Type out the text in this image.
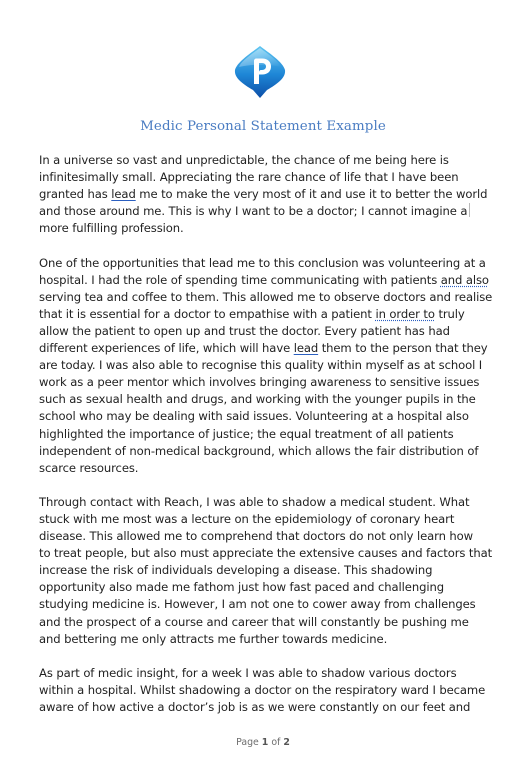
Medic Personal Statement Example
In a universe so vast and unpredictable, the chance of me being here is
infinitesimally small. Appreciating the rare chance of life that I have been
granted has lead me to make the very most of it and use it to better the world
and those around me. This is why I want to be a doctor; I cannot imagine a
more fulfilling profession.
One of the opportunities that lead me to this conclusion was volunteering at a
hospital. I had the role of spending time communicating with patients and also
serving tea and coffee to them. This allowed me to observe doctors and realise
that it is essential for a doctor to empathise with a patient in order to truly
allow the patient to open up and trust the doctor. Every patient has had
different experiences of life, which will have lead them to the person that they
are today. I was also able to recognise this quality within myself as at school I
work as a peer mentor which involves bringing awareness to sensitive issues
such as sexual health and drugs, and working with the younger pupils in the
school who may be dealing with said issues. Volunteering at a hospital also
highlighted the importance of justice; the equal treatment of all patients
independent of non-medical background, which allows the fair distribution of
scarce resources.
Through contact with Reach, I was able to shadow a medical student. What
stuck with me most was a lecture on the epidemiology of coronary heart
disease. This allowed me to comprehend that doctors do not only learn how
to treat people, but also must appreciate the extensive causes and factors that
increase the risk of individuals developing a disease. This shadowing
opportunity also made me fathom just how fast paced and challenging
studying medicine is. However, I am not one to cower away from challenges
and the prospect of a course and career that will constantly be pushing me
and bettering me only attracts me further towards medicine.
As part of medic insight, for a week I was able to shadow various doctors
within a hospital. Whilst shadowing a doctor on the respiratory ward I became
aware of how active a doctor’s job is as we were constantly on our feet and
Page 1 of 2
